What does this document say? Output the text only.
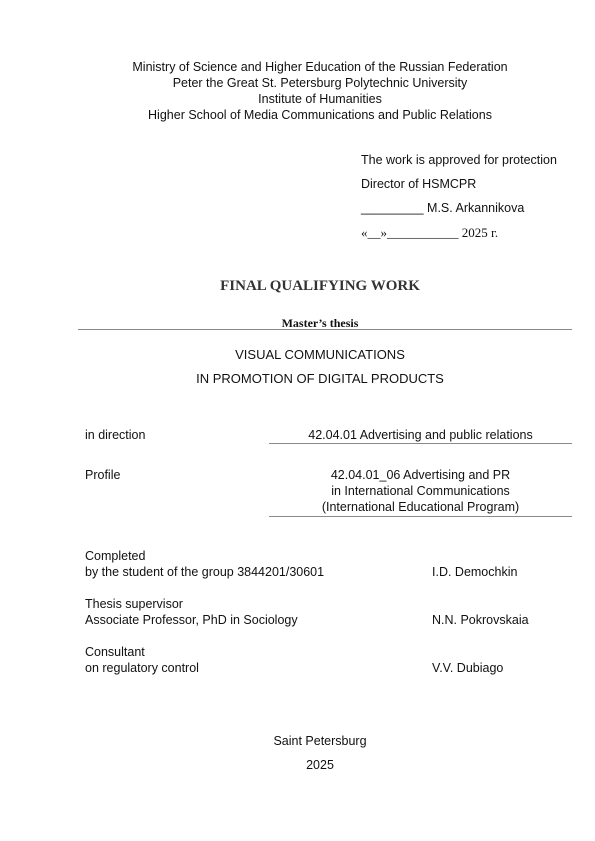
Ministry of Science and Higher Education of the Russian Federation
Peter the Great St. Petersburg Polytechnic University
Institute of Humanities
Higher School of Media Communications and Public Relations
The work is approved for protection
Director of HSMCPR
_________ M.S. Arkannikova
«__»___________ 2025 г.
FINAL QUALIFYING WORK
Master’s thesis
VISUAL COMMUNICATIONS
IN PROMOTION OF DIGITAL PRODUCTS
in direction	42.04.01 Advertising and public relations
Profile	42.04.01_06 Advertising and PR
in International Communications
(International Educational Program)
Completed
by the student of the group 3844201/30601	I.D. Demochkin
Thesis supervisor
Associate Professor, PhD in Sociology	N.N. Pokrovskaia
Consultant
on regulatory control	V.V. Dubiago
Saint Petersburg
2025
